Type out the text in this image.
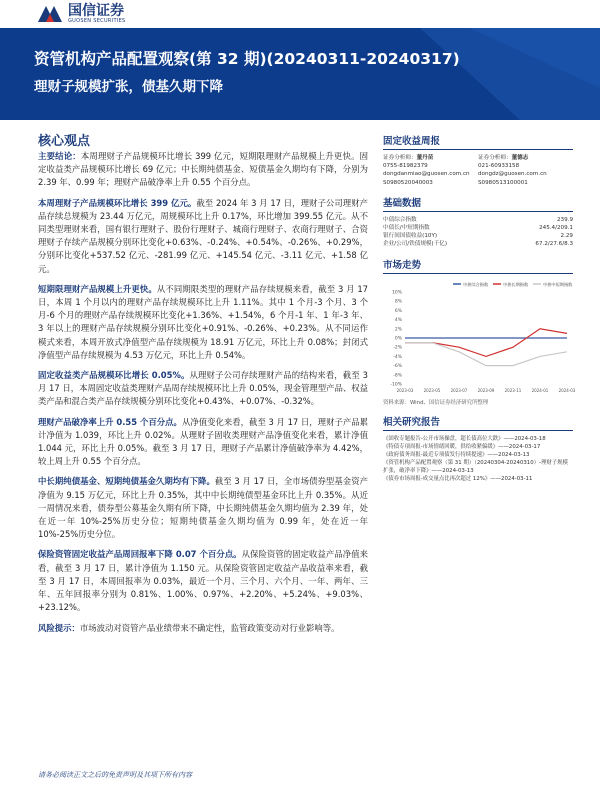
国信证券
GUOSEN SECURITIES
资管机构产品配置观察(第 32 期)(20240311-20240317)
理财子规模扩张，债基久期下降
核心观点
主要结论：本周理财子产品规模环比增长 399 亿元，短期限理财产品规模上升更快。固定收益类产品规模环比增长 69 亿元；中长期纯债基金、短债基金久期均有下降，分别为 2.39 年、0.99 年；理财产品破净率上升 0.55 个百分点。
本周理财子产品规模环比增长 399 亿元。截至 2024 年 3 月 17 日，理财子公司理财产品存续总规模为 23.44 万亿元，周规模环比上升 0.17%，环比增加 399.55 亿元。从不同类型理财来看，国有银行理财子、股份行理财子、城商行理财子、农商行理财子、合资理财子存续产品规模分别环比变化+0.63%、-0.24%、+0.54%、-0.26%、+0.29%，分别环比变化+537.52 亿元、-281.99 亿元、+145.54 亿元、-3.11 亿元、+1.58 亿元。
短期限理财产品规模上升更快。从不同期限类型的理财产品存续规模来看，截至 3 月 17 日，本周 1 个月以内的理财产品存续规模环比上升 1.11%。其中 1 个月-3 个月、3 个月-6 个月的理财产品存续规模环比变化+1.36%、+1.54%，6 个月-1 年、1 年-3 年、3 年以上的理财产品存续规模分别环比变化+0.91%、-0.26%、+0.23%。从不同运作模式来看，本周开放式净值型产品存续规模为 18.91 万亿元，环比上升 0.08%；封闭式净值型产品存续规模为 4.53 万亿元，环比上升 0.54%。
固定收益类产品规模环比增长 0.05%。从理财子公司存续理财产品的结构来看，截至 3 月 17 日，本周固定收益类理财产品周存续规模环比上升 0.05%，现金管理型产品、权益类产品和混合类产品存续规模分别环比变化+0.43%、+0.07%、-0.32%。
理财产品破净率上升 0.55 个百分点。从净值变化来看，截至 3 月 17 日，理财子产品累计净值为 1.039，环比上升 0.02%。从理财子固收类理财产品净值变化来看，累计净值 1.044 元，环比上升 0.05%。截至 3 月 17 日，理财子产品累计净值破净率为 4.42%，较上周上升 0.55 个百分点。
中长期纯债基金、短期纯债基金久期均有下降。截至 3 月 17 日，全市场债券型基金资产净值为 9.15 万亿元，环比上升 0.35%，其中中长期纯债型基金环比上升 0.35%。从近一周情况来看，债券型公募基金久期有所下降，中长期纯债基金久期均值为 2.39 年，处在近一年 10%-25%历史分位；短期纯债基金久期均值为 0.99 年，处在近一年 10%-25%历史分位。
保险资管固定收益产品周回报率下降 0.07 个百分点。从保险资管的固定收益产品净值来看，截至 3 月 17 日，累计净值为 1.150 元。从保险资管固定收益产品收益率来看，截至 3 月 17 日，本周回报率为 0.03%，最近一个月、三个月、六个月、一年、两年、三年、五年回报率分别为 0.81%、1.00%、0.97%、+2.20%、+5.24%、+9.03%、+23.12%。
风险提示：市场波动对资管产品业绩带来不确定性，监管政策变动对行业影响等。
固定收益周报
证券分析师：董丹苗
0755-81982379
dongdanmiao@guosen.com.cn
S0980520040003
证券分析师：董德志
021-60933158
dongdz@guosen.com.cn
S0980513100001
基础数据
中债综合指数	239.9
中债长/中短期指数	245.4/209.1
银行间国债收益(10Y)	2.29
企业/公司/铁债规模(千亿)	67.2/27.6/8.3
市场走势
中债综合指数	中债长期指数	中债中短期指数
10%
8%
6%
4%
2%
0%
-2%
-4%
-6%
-8%
-10%
2023-03	2023-05	2023-07	2023-09	2023-11	2024-01	2024-03
资料来源：Wind、国信证券经济研究所整理
相关研究报告
《固收专题报告-公开市场操盘，超长债高位大跌》——2024-03-18
《特债专项周报-市场情绪回暖，供给收紧偏缓》——2024-03-17
《政府债务周报-最近专项债发行持续提速》——2024-03-13
《资管机构产品配置观察（第 31 期）（20240304-20240310）-理财子规模扩张，破净率下降》——2024-03-13
《债券市场周报-成交量点比再次超过 12%》——2024-03-11
请务必阅读正文之后的免责声明及其项下所有内容
